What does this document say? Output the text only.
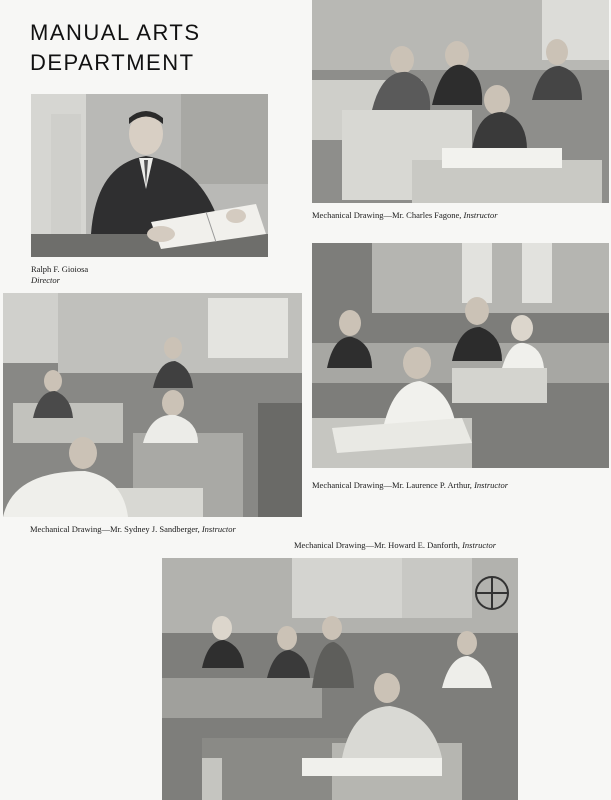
MANUAL ARTS
DEPARTMENT
Ralph F. Gioiosa
Director
Mechanical Drawing—Mr. Charles Fagone, Instructor
Mechanical Drawing—Mr. Laurence P. Arthur, Instructor
Mechanical Drawing—Mr. Sydney J. Sandberger, Instructor
Mechanical Drawing—Mr. Howard E. Danforth, Instructor
